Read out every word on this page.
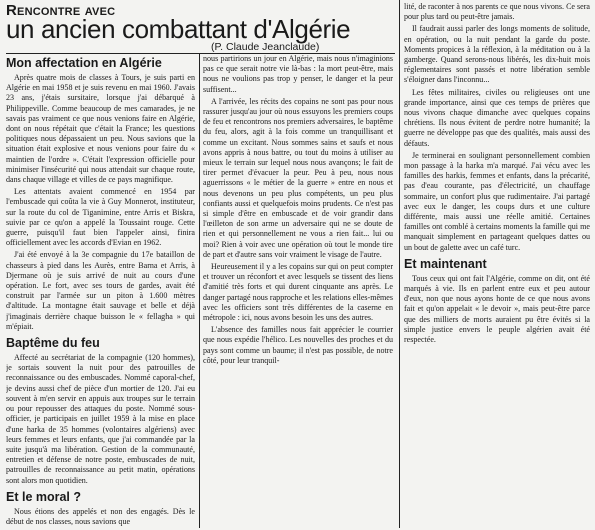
Rencontre avec
un ancien combattant d'Algérie
(P. Claude Jeanclaude)
Mon affectation en Algérie

Après quatre mois de classes à Tours, je suis parti en Algérie en mai 1958 et je suis revenu en mai 1960. J'avais 23 ans, j'étais sursitaire, lorsque j'ai débarqué à Philippeville. Comme beaucoup de mes camarades, je ne savais pas vraiment ce que nous venions faire en Algérie, dont on nous répétait que c'était la France; les questions politiques nous dépassaient un peu. Nous savions que la situation était explosive et nous venions pour faire du « maintien de l'ordre ». C'était l'expression officielle pour minimiser l'insécurité qui nous attendait sur chaque route, dans chaque village et villes de ce pays magnifique.

Les attentats avaient commencé en 1954 par l'embuscade qui coûta la vie à Guy Monnerot, instituteur, sur la route du col de Tiganimine, entre Arris et Biskra, suivie par ce qu'on a appelé la Toussaint rouge. Cette guerre, puisqu'il faut bien l'appeler ainsi, finira officiellement avec les accords d'Evian en 1962.

J'ai été envoyé à la 3e compagnie du 17e bataillon de chasseurs à pied dans les Aurès, entre Barna et Arris, à Djermane où je suis arrivé de nuit au cours d'une opération. Le fort, avec ses tours de gardes, avait été construit par l'armée sur un piton à 1.600 mètres d'altitude. La montagne était sauvage et belle et déjà j'imaginais derrière chaque buisson le « fellagha » qui m'épiait.

Baptême du feu

Affecté au secrétariat de la compagnie (120 hommes), je sortais souvent la nuit pour des patrouilles de reconnaissance ou des embuscades. Nommé caporal-chef, je devins aussi chef de pièce d'un mortier de 120. J'ai eu souvent à m'en servir en appuis aux troupes sur le terrain ou pour repousser des attaques du poste. Nommé sous-officier, je participais en juillet 1959 à la mise en place d'une harka de 35 hommes (volontaires algériens) avec leurs femmes et leurs enfants, que j'ai commandée par la suite jusqu'à ma libération. Gestion de la communauté, entretien et défense de notre poste, embuscades de nuit, patrouilles de reconnaissance au petit matin, opérations sont alors mon quotidien.

Et le moral ?

Nous étions des appelés et non des engagés. Dès le début de nos classes, nous savions que

nous partirions un jour en Algérie, mais nous n'imaginions pas ce que serait notre vie là-bas : la mort peut-être, mais nous ne voulions pas trop y penser, le danger et la peur suffisent...

A l'arrivée, les récits des copains ne sont pas pour nous rassurer jusqu'au jour où nous essuyons les premiers coups de feu et rencontrons nos premiers adversaires, le baptême du feu, alors, agit à la fois comme un tranquillisant et comme un excitant. Nous sommes sains et saufs et nous avons appris à nous battre, ou tout du moins à utiliser au mieux le terrain sur lequel nous nous avançons; le fait de tirer permet d'évacuer la peur. Peu à peu, nous nous aguerrissons « le métier de la guerre » entre en nous et nous devenons un peu plus compétents, un peu plus confiants aussi et quelquefois moins prudents. Ce n'est pas si simple d'être en embuscade et de voir grandir dans l'œilleton de son arme un adversaire qui ne se doute de rien et qui personnellement ne vous a rien fait... lui ou moi? Rien à voir avec une opération où tout le monde tire de part et d'autre sans voir vraiment le visage de l'autre.

Heureusement il y a les copains sur qui on peut compter et trouver un réconfort et avec lesquels se tissent des liens d'amitié très forts et qui durent cinquante ans après. Le danger partagé nous rapproche et les relations elles-mêmes avec les officiers sont très différentes de la caserne en métropole : ici, nous avons besoin les uns des autres.

L'absence des familles nous fait apprécier le courrier que nous expédie l'hélico. Les nouvelles des proches et du pays sont comme un baume; il n'est pas possible, de notre côté, pour leur tranquil-

lité, de raconter à nos parents ce que nous vivons. Ce sera pour plus tard ou peut-être jamais.

Il faudrait aussi parler des longs moments de solitude, en opération, ou la nuit pendant la garde du poste. Moments propices à la réflexion, à la méditation ou à la gamberge. Quand serons-nous libérés, les dix-huit mois réglementaires sont passés et notre libération semble s'éloigner dans l'inconnu...

Les fêtes militaires, civiles ou religieuses ont une grande importance, ainsi que ces temps de prières que nous vivons chaque dimanche avec quelques copains chrétiens. Ils nous évitent de perdre notre humanité; la guerre ne développe pas que des qualités, mais aussi des défauts.

Je terminerai en soulignant personnellement combien mon passage à la harka m'a marqué. J'ai vécu avec les familles des harkis, femmes et enfants, dans la précarité, pas d'eau courante, pas d'électricité, un chauffage sommaire, un confort plus que rudimentaire. J'ai partagé avec eux le danger, les coups durs et une culture différente, mais aussi une réelle amitié. Certaines familles ont comblé à certains moments la famille qui me manquait simplement en partageant quelques dattes ou un bout de galette avec un café turc.

Et maintenant

Tous ceux qui ont fait l'Algérie, comme on dit, ont été marqués à vie. Ils en parlent entre eux et peu autour d'eux, non que nous ayons honte de ce que nous avons fait et qu'on appelait « le devoir », mais peut-être parce que des milliers de morts auraient pu être évités si la simple justice envers le peuple algérien avait été respectée.
